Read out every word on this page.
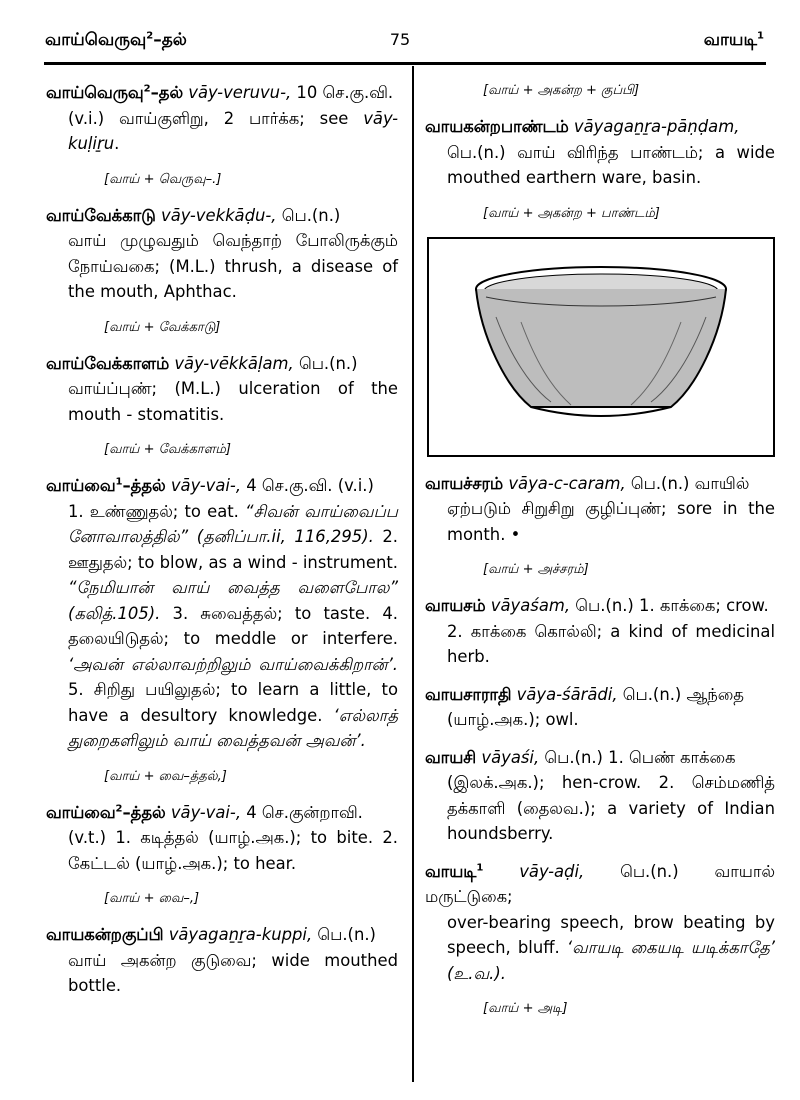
வாய்வெருவு$^2$–தல்	75	வாயடி$^1$

வாய்வெருவு$^2$–தல் vāy-veruvu-, 10 செ.கு.வி.
(v.i.) வாய்குளிறு, 2 பார்க்க; see vāy-kuḷiṟu.

[வாய் + வெருவு–.]

வாய்வேக்காடு vāy-vekkāḍu-, பெ.(n.)
வாய் முழுவதும் வெந்தாற் போலிருக்கும் நோய்வகை; (M.L.) thrush, a disease of the mouth, Aphthac.

[வாய் + வேக்காடு]

வாய்வேக்காளம் vāy-vēkkāḷam, பெ.(n.)
வாய்ப்புண்; (M.L.) ulceration of the mouth - stomatitis.

[வாய் + வேக்காளம்]

வாய்வை$^1$–த்தல் vāy-vai-, 4 செ.கு.வி. (v.i.)
1. உண்ணுதல்; to eat. “சிவன் வாய்வைப்ப னோவாலத்தில்” (தனிப்பா.ii, 116,295). 2. ஊதுதல்; to blow, as a wind - instrument. “நேமியான் வாய் வைத்த வளைபோல” (கலித்.105). 3. சுவைத்தல்; to taste. 4. தலையிடுதல்; to meddle or interfere. ‘அவன் எல்லாவற்றிலும் வாய்வைக்கிறான்’. 5. சிறிது பயிலுதல்; to learn a little, to have a desultory knowledge. ‘எல்லாத் துறைகளிலும் வாய் வைத்தவன் அவன்’.

[வாய் + வை–த்தல்,]

வாய்வை$^2$–த்தல் vāy-vai-, 4 செ.குன்றாவி.
(v.t.) 1. கடித்தல் (யாழ்.அக.); to bite. 2. கேட்டல் (யாழ்.அக.); to hear.

[வாய் + வை–,]

வாயகன்றகுப்பி vāyagaṉṟa-kuppi, பெ.(n.)
வாய் அகன்ற குடுவை; wide mouthed bottle.

[வாய் + அகன்ற + குப்பி]

வாயகன்றபாண்டம் vāyagaṉṟa-pāṇḍam,
பெ.(n.) வாய் விரிந்த பாண்டம்; a wide mouthed earthern ware, basin.

[வாய் + அகன்ற + பாண்டம்]

வாயச்சரம் vāya-c-caram, பெ.(n.) வாயில்
ஏற்படும் சிறுசிறு குழிப்புண்; sore in the month. •

[வாய் + அச்சரம்]

வாயசம் vāyaśam, பெ.(n.) 1. காக்கை; crow.
2. காக்கை கொல்லி; a kind of medicinal herb.

வாயசாராதி vāya-śārādi, பெ.(n.) ஆந்தை
(யாழ்.அக.); owl.

வாயசி vāyaśi, பெ.(n.) 1. பெண் காக்கை
(இலக்.அக.); hen-crow. 2. செம்மணித் தக்காளி (தைலவ.); a variety of Indian houndsberry.

வாயடி$^1$ vāy-aḍi, பெ.(n.) வாயால் மருட்டுகை;
over-bearing speech, brow beating by speech, bluff. ‘வாயடி கையடி யடிக்காதே’ (உ.வ.).

[வாய் + அடி]
